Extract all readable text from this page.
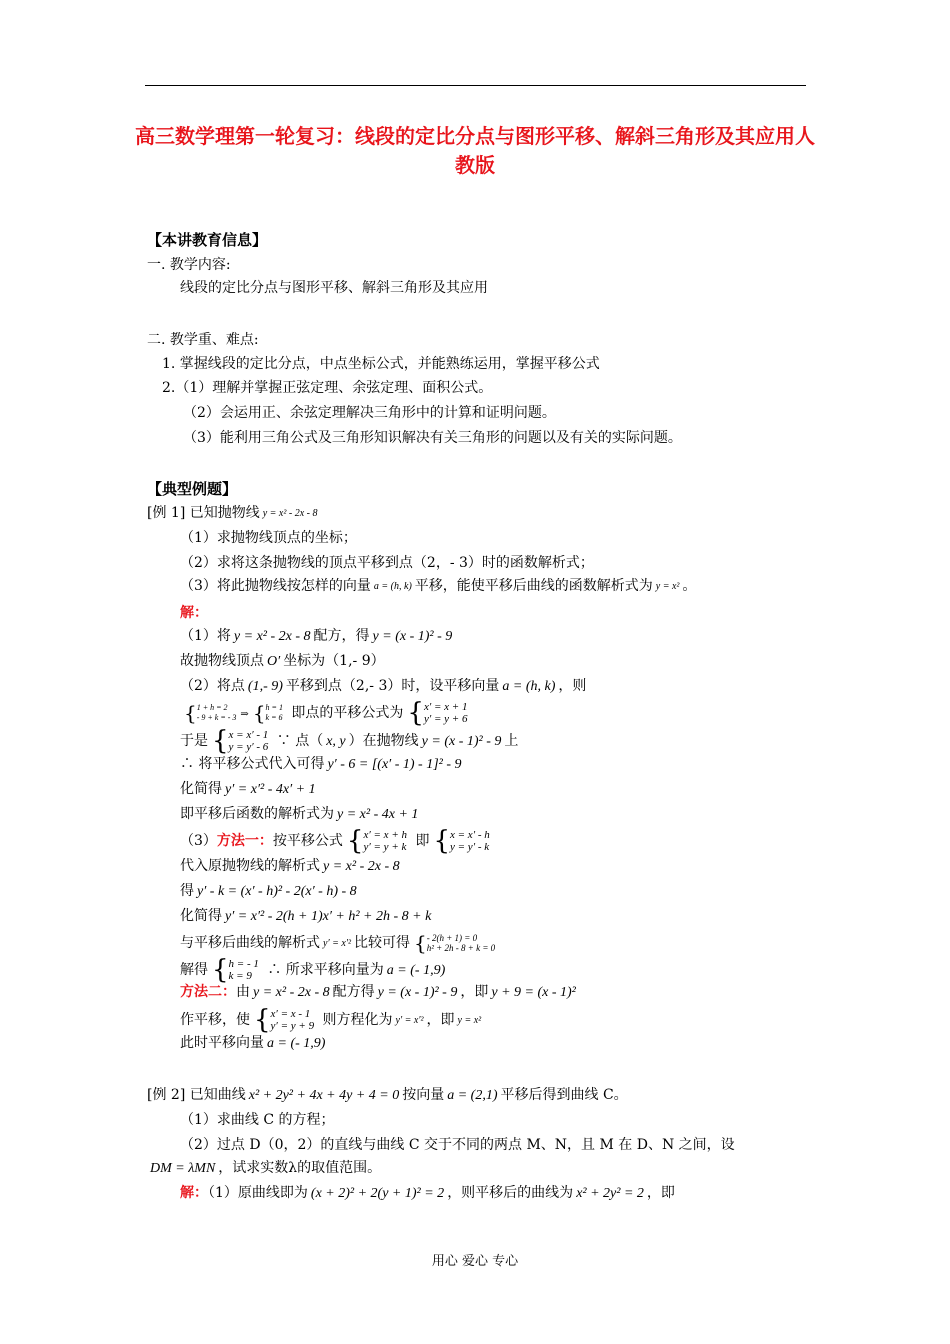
高三数学理第一轮复习：线段的定比分点与图形平移、解斜三角形及其应用人教版
【本讲教育信息】
一. 教学内容:
线段的定比分点与图形平移、解斜三角形及其应用
二. 教学重、难点:
1. 掌握线段的定比分点，中点坐标公式，并能熟练运用，掌握平移公式
2.（1）理解并掌握正弦定理、余弦定理、面积公式。
（2）会运用正、余弦定理解决三角形中的计算和证明问题。
（3）能利用三角公式及三角形知识解决有关三角形的问题以及有关的实际问题。
【典型例题】
[例 1] 已知抛物线 y = x² - 2x - 8
（1）求抛物线顶点的坐标；
（2）求将这条抛物线的顶点平移到点（2，- 3）时的函数解析式；
（3）将此抛物线按怎样的向量 a = (h, k) 平移，能使平移后曲线的函数解析式为 y = x² 。
解：
（1）将 y = x² - 2x - 8 配方，得 y = (x - 1)² - 9
故抛物线顶点 O′ 坐标为（1,- 9）
（2）将点 (1,- 9) 平移到点（2,- 3）时，设平移向量 a = (h, k) ，则
{1 + h = 2
- 9 + k = - 3 ⇒ {h = 1
k = 6 即点的平移公式为 {x′ = x + 1
y′ = y + 6
于是 {x = x′ - 1
y = y′ - 6 ∵ 点（ x, y ）在抛物线 y = (x - 1)² - 9 上
∴ 将平移公式代入可得 y′ - 6 = [(x′ - 1) - 1]² - 9
化简得 y′ = x′² - 4x′ + 1
即平移后函数的解析式为 y = x² - 4x + 1
（3）方法一：按平移公式 {x′ = x + h
y′ = y + k 即 {x = x′ - h
y = y′ - k
代入原抛物线的解析式 y = x² - 2x - 8
得 y′ - k = (x′ - h)² - 2(x′ - h) - 8
化简得 y′ = x′² - 2(h + 1)x′ + h² + 2h - 8 + k
与平移后曲线的解析式 y′ = x′² 比较可得 {- 2(h + 1) = 0
h² + 2h - 8 + k = 0
解得 {h = - 1
k = 9 ∴ 所求平移向量为 a = (- 1,9)
方法二：由 y = x² - 2x - 8 配方得 y = (x - 1)² - 9 ，即 y + 9 = (x - 1)²
作平移，使 {x′ = x - 1
y′ = y + 9 则方程化为 y′ = x′² ，即 y = x²
此时平移向量 a = (- 1,9)
[例 2] 已知曲线 x² + 2y² + 4x + 4y + 4 = 0 按向量 a = (2,1) 平移后得到曲线 C。
（1）求曲线 C 的方程；
（2）过点 D（0，2）的直线与曲线 C 交于不同的两点 M、N，且 M 在 D、N 之间，设
DM = λMN ，试求实数λ的取值范围。
解：（1）原曲线即为 (x + 2)² + 2(y + 1)² = 2 ，则平移后的曲线为 x² + 2y² = 2 ，即
用心 爱心 专心
